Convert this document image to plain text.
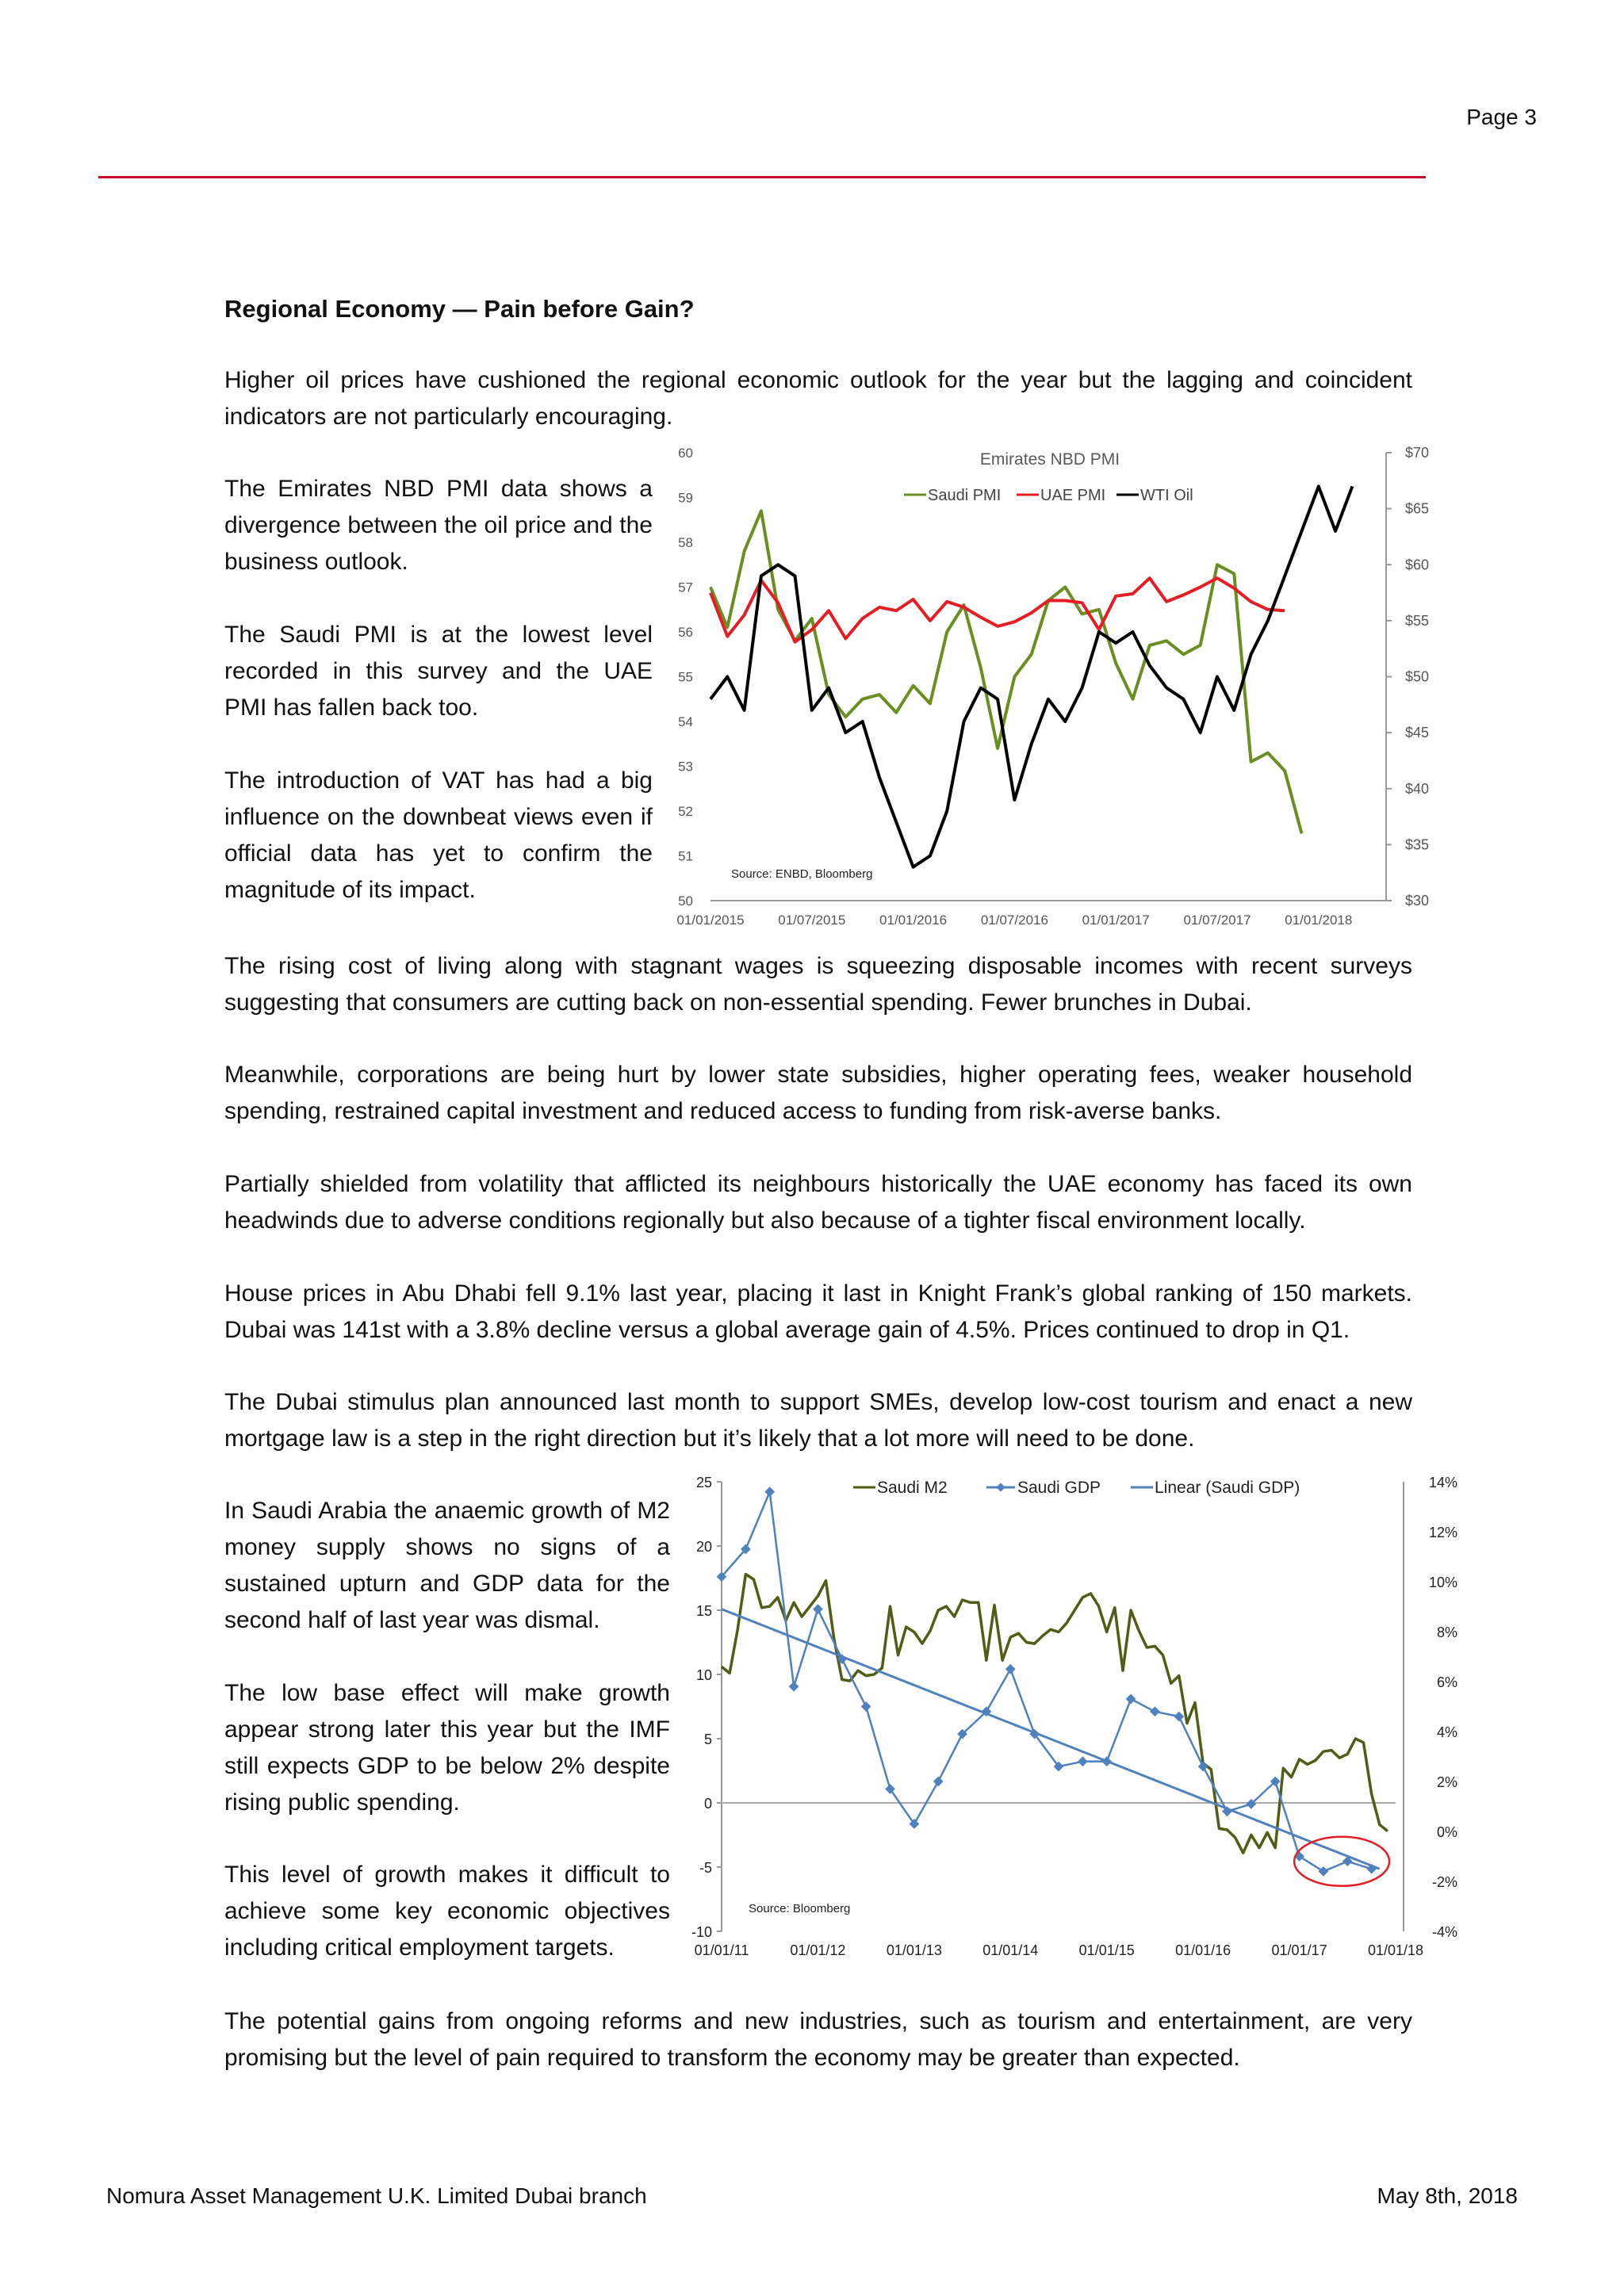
Page 3
Regional Economy — Pain before Gain?
Higher oil prices have cushioned the regional economic outlook for the year but the lagging and coincident indicators are not particularly encouraging.
The Emirates NBD PMI data shows a divergence between the oil price and the business outlook.
The Saudi PMI is at the lowest level recorded in this survey and the UAE PMI has fallen back too.
The introduction of VAT has had a big influence on the downbeat views even if official data has yet to confirm the magnitude of its impact.
60
59
58
57
56
55
54
53
52
51
50
$70
$65
$60
$55
$50
$45
$40
$35
$30
01/01/2015	01/07/2015	01/01/2016	01/07/2016	01/01/2017	01/07/2017	01/01/2018
Emirates NBD PMI
Saudi PMI UAE PMI WTI Oil
Source: ENBD, Bloomberg
The rising cost of living along with stagnant wages is squeezing disposable incomes with recent surveys suggesting that consumers are cutting back on non-essential spending. Fewer brunches in Dubai.
Meanwhile, corporations are being hurt by lower state subsidies, higher operating fees, weaker household spending, restrained capital investment and reduced access to funding from risk-averse banks.
Partially shielded from volatility that afflicted its neighbours historically the UAE economy has faced its own headwinds due to adverse conditions regionally but also because of a tighter fiscal environment locally.
House prices in Abu Dhabi fell 9.1% last year, placing it last in Knight Frank’s global ranking of 150 markets. Dubai was 141st with a 3.8% decline versus a global average gain of 4.5%. Prices continued to drop in Q1.
The Dubai stimulus plan announced last month to support SMEs, develop low-cost tourism and enact a new mortgage law is a step in the right direction but it’s likely that a lot more will need to be done.
In Saudi Arabia the anaemic growth of M2 money supply shows no signs of a sustained upturn and GDP data for the second half of last year was dismal.
The low base effect will make growth appear strong later this year but the IMF still expects GDP to be below 2% despite rising public spending.
This level of growth makes it difficult to achieve some key economic objectives including critical employment targets.
25
20
15
10
5
0
-5
-10
14%
12%
10%
8%
6%
4%
2%
0%
-2%
-4%
01/01/11	01/01/12	01/01/13	01/01/14	01/01/15	01/01/16	01/01/17	01/01/18
Saudi M2	Saudi GDP	Linear (Saudi GDP)
Source: Bloomberg
The potential gains from ongoing reforms and new industries, such as tourism and entertainment, are very promising but the level of pain required to transform the economy may be greater than expected.
Nomura Asset Management U.K. Limited Dubai branch	May 8th, 2018
